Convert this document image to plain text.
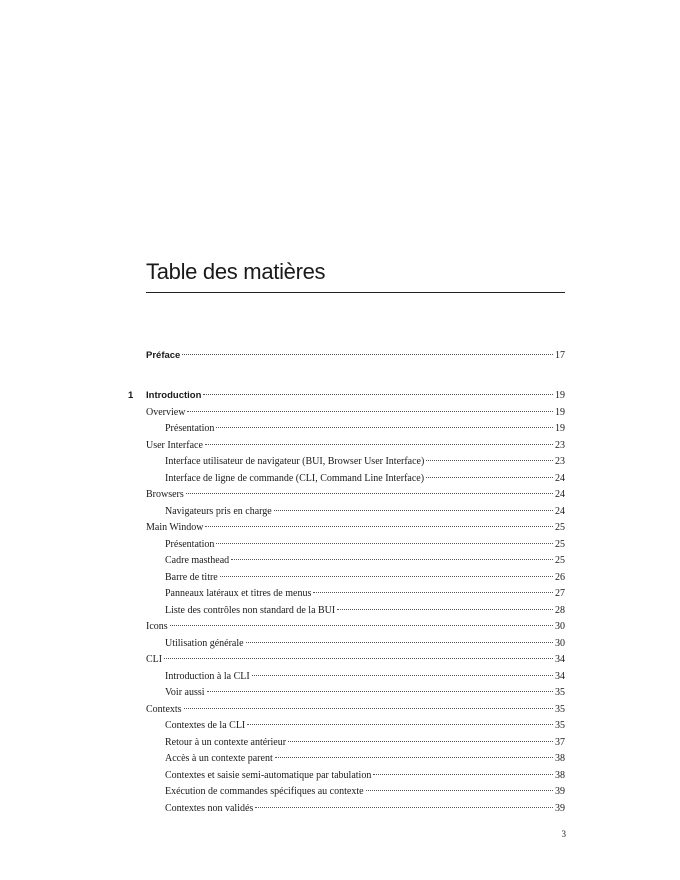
Table des matières
Préface	17
1 Introduction	19
Overview	19
Présentation	19
User Interface	23
Interface utilisateur de navigateur (BUI, Browser User Interface)	23
Interface de ligne de commande (CLI, Command Line Interface)	24
Browsers	24
Navigateurs pris en charge	24
Main Window	25
Présentation	25
Cadre masthead	25
Barre de titre	26
Panneaux latéraux et titres de menus	27
Liste des contrôles non standard de la BUI	28
Icons	30
Utilisation générale	30
CLI	34
Introduction à la CLI	34
Voir aussi	35
Contexts	35
Contextes de la CLI	35
Retour à un contexte antérieur	37
Accès à un contexte parent	38
Contextes et saisie semi-automatique par tabulation	38
Exécution de commandes spécifiques au contexte	39
Contextes non validés	39
3
